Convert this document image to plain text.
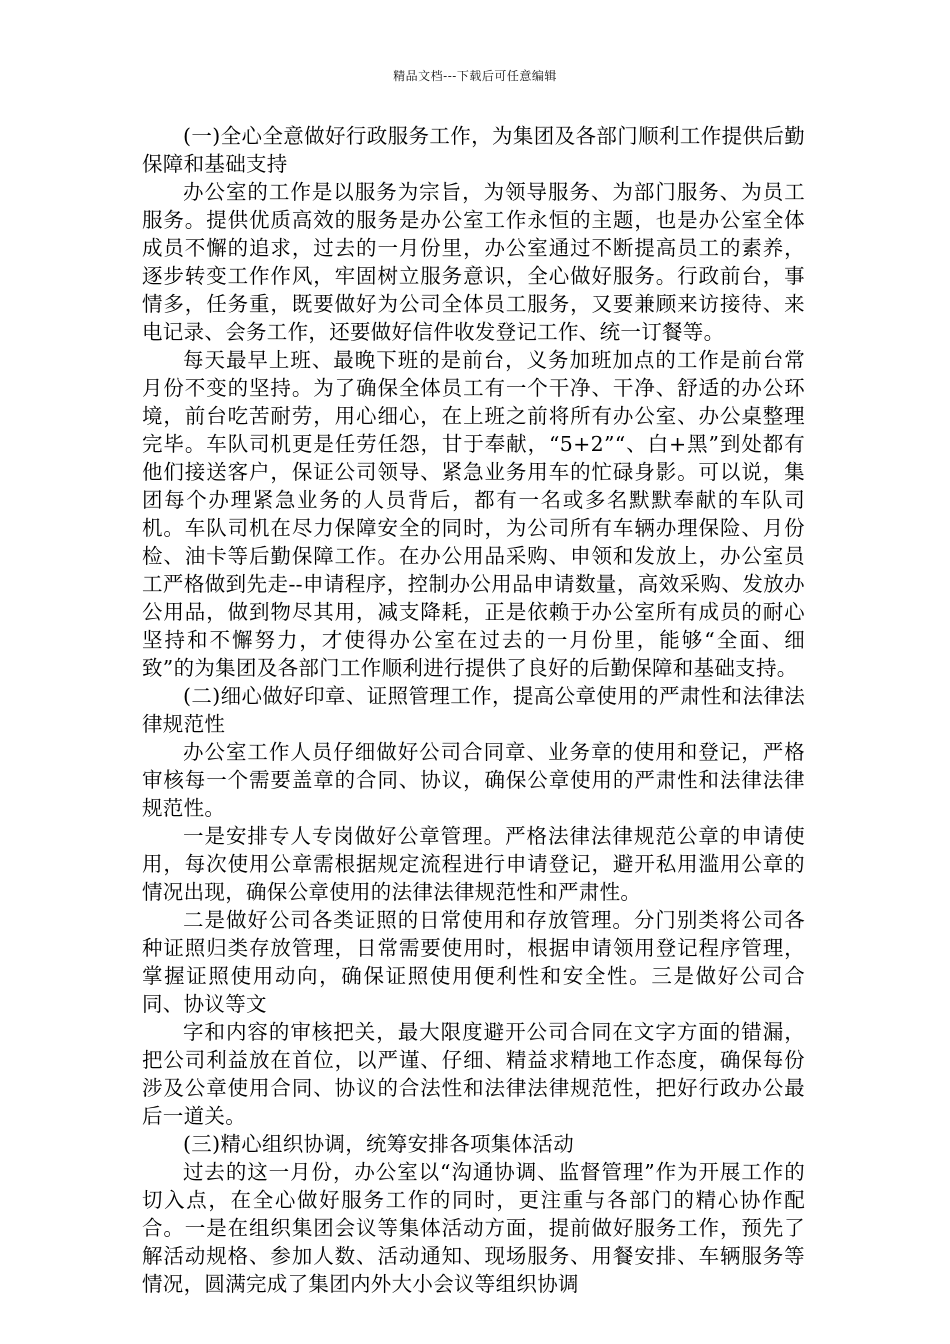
精品文档---下载后可任意编辑

(一)全心全意做好行政服务工作，为集团及各部门顺利工作提供后勤保障和基础支持

办公室的工作是以服务为宗旨，为领导服务、为部门服务、为员工服务。提供优质高效的服务是办公室工作永恒的主题，也是办公室全体成员不懈的追求，过去的一月份里，办公室通过不断提高员工的素养，逐步转变工作作风，牢固树立服务意识，全心做好服务。行政前台，事情多，任务重，既要做好为公司全体员工服务，又要兼顾来访接待、来电记录、会务工作，还要做好信件收发登记工作、统一订餐等。

每天最早上班、最晚下班的是前台，义务加班加点的工作是前台常月份不变的坚持。为了确保全体员工有一个干净、干净、舒适的办公环境，前台吃苦耐劳，用心细心，在上班之前将所有办公室、办公桌整理完毕。车队司机更是任劳任怨，甘于奉献，“5+2”“、白+黑”到处都有他们接送客户，保证公司领导、紧急业务用车的忙碌身影。可以说，集团每个办理紧急业务的人员背后，都有一名或多名默默奉献的车队司机。车队司机在尽力保障安全的同时，为公司所有车辆办理保险、月份检、油卡等后勤保障工作。在办公用品采购、申领和发放上，办公室员工严格做到先走--申请程序，控制办公用品申请数量，高效采购、发放办公用品，做到物尽其用，减支降耗，正是依赖于办公室所有成员的耐心坚持和不懈努力，才使得办公室在过去的一月份里，能够“全面、细致”的为集团及各部门工作顺利进行提供了良好的后勤保障和基础支持。

(二)细心做好印章、证照管理工作，提高公章使用的严肃性和法律法律规范性

办公室工作人员仔细做好公司合同章、业务章的使用和登记，严格审核每一个需要盖章的合同、协议，确保公章使用的严肃性和法律法律规范性。

一是安排专人专岗做好公章管理。严格法律法律规范公章的申请使用，每次使用公章需根据规定流程进行申请登记，避开私用滥用公章的情况出现，确保公章使用的法律法律规范性和严肃性。

二是做好公司各类证照的日常使用和存放管理。分门别类将公司各种证照归类存放管理，日常需要使用时，根据申请领用登记程序管理，掌握证照使用动向，确保证照使用便利性和安全性。三是做好公司合同、协议等文

字和内容的审核把关，最大限度避开公司合同在文字方面的错漏，把公司利益放在首位，以严谨、仔细、精益求精地工作态度，确保每份涉及公章使用合同、协议的合法性和法律法律规范性，把好行政办公最后一道关。

(三)精心组织协调，统筹安排各项集体活动

过去的这一月份，办公室以“沟通协调、监督管理”作为开展工作的切入点，在全心做好服务工作的同时，更注重与各部门的精心协作配合。一是在组织集团会议等集体活动方面，提前做好服务工作，预先了解活动规格、参加人数、活动通知、现场服务、用餐安排、车辆服务等情况，圆满完成了集团内外大小会议等组织协调
